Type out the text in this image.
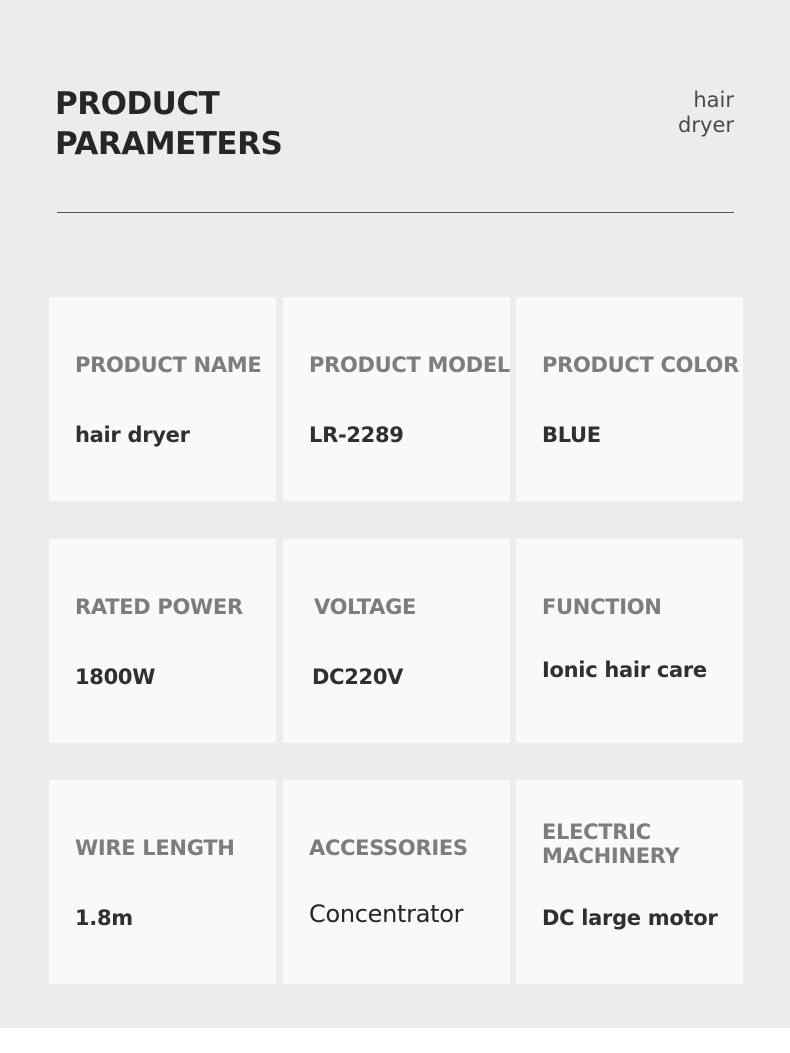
PRODUCT
PARAMETERS
hair
dryer

PRODUCT NAME

hair dryer

PRODUCT MODEL

LR-2289

PRODUCT COLOR

BLUE

RATED POWER

1800W

VOLTAGE

DC220V

FUNCTION

Ionic hair care

WIRE LENGTH

1.8m

ACCESSORIES

Concentrator

ELECTRIC MACHINERY

DC large motor
